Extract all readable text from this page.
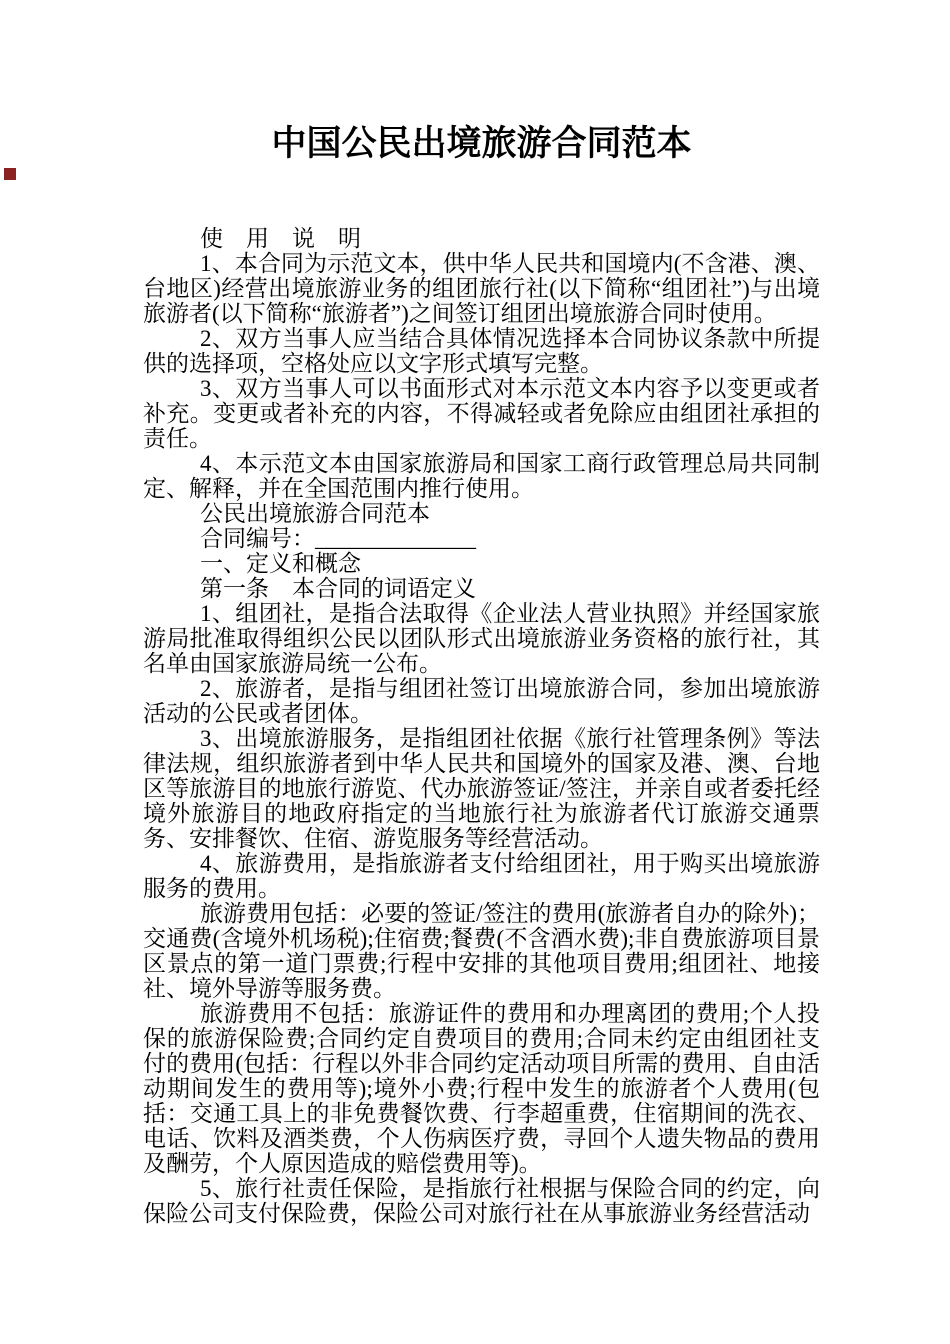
中国公民出境旅游合同范本

使　用　说　明

1、本合同为示范文本，供中华人民共和国境内(不含港、澳、台地区)经营出境旅游业务的组团旅行社(以下简称“组团社”)与出境旅游者(以下简称“旅游者”)之间签订组团出境旅游合同时使用。

2、双方当事人应当结合具体情况选择本合同协议条款中所提供的选择项，空格处应以文字形式填写完整。

3、双方当事人可以书面形式对本示范文本内容予以变更或者补充。变更或者补充的内容，不得减轻或者免除应由组团社承担的责任。

4、本示范文本由国家旅游局和国家工商行政管理总局共同制定、解释，并在全国范围内推行使用。

公民出境旅游合同范本

合同编号：______________

一、定义和概念

第一条　本合同的词语定义

1、组团社，是指合法取得《企业法人营业执照》并经国家旅游局批准取得组织公民以团队形式出境旅游业务资格的旅行社，其名单由国家旅游局统一公布。

2、旅游者，是指与组团社签订出境旅游合同，参加出境旅游活动的公民或者团体。

3、出境旅游服务，是指组团社依据《旅行社管理条例》等法律法规，组织旅游者到中华人民共和国境外的国家及港、澳、台地区等旅游目的地旅行游览、代办旅游签证/签注，并亲自或者委托经境外旅游目的地政府指定的当地旅行社为旅游者代订旅游交通票务、安排餐饮、住宿、游览服务等经营活动。

4、旅游费用，是指旅游者支付给组团社，用于购买出境旅游服务的费用。

旅游费用包括：必要的签证/签注的费用(旅游者自办的除外)；交通费(含境外机场税);住宿费;餐费(不含酒水费);非自费旅游项目景区景点的第一道门票费;行程中安排的其他项目费用;组团社、地接社、境外导游等服务费。

旅游费用不包括：旅游证件的费用和办理离团的费用;个人投保的旅游保险费;合同约定自费项目的费用;合同未约定由组团社支付的费用(包括：行程以外非合同约定活动项目所需的费用、自由活动期间发生的费用等);境外小费;行程中发生的旅游者个人费用(包括：交通工具上的非免费餐饮费、行李超重费，住宿期间的洗衣、电话、饮料及酒类费，个人伤病医疗费，寻回个人遗失物品的费用及酬劳，个人原因造成的赔偿费用等)。

5、旅行社责任保险，是指旅行社根据与保险合同的约定，向保险公司支付保险费，保险公司对旅行社在从事旅游业务经营活动
